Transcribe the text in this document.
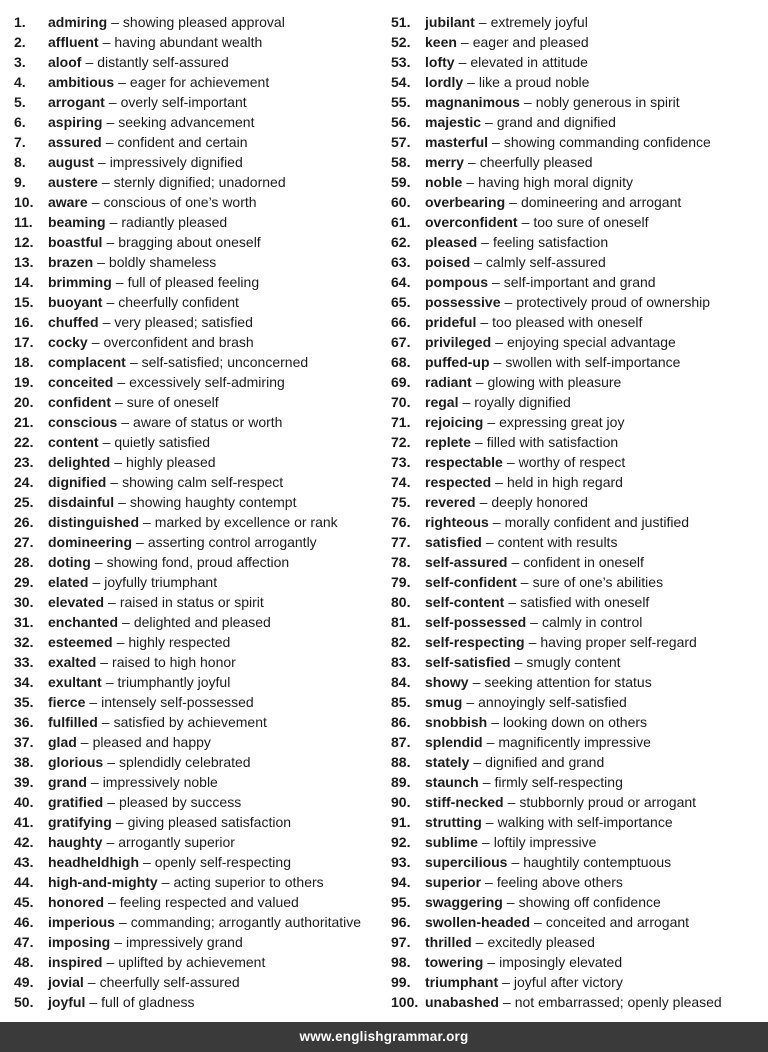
1. admiring – showing pleased approval
2. affluent – having abundant wealth
3. aloof – distantly self-assured
4. ambitious – eager for achievement
5. arrogant – overly self-important
6. aspiring – seeking advancement
7. assured – confident and certain
8. august – impressively dignified
9. austere – sternly dignified; unadorned
10. aware – conscious of one’s worth
11. beaming – radiantly pleased
12. boastful – bragging about oneself
13. brazen – boldly shameless
14. brimming – full of pleased feeling
15. buoyant – cheerfully confident
16. chuffed – very pleased; satisfied
17. cocky – overconfident and brash
18. complacent – self-satisfied; unconcerned
19. conceited – excessively self-admiring
20. confident – sure of oneself
21. conscious – aware of status or worth
22. content – quietly satisfied
23. delighted – highly pleased
24. dignified – showing calm self-respect
25. disdainful – showing haughty contempt
26. distinguished – marked by excellence or rank
27. domineering – asserting control arrogantly
28. doting – showing fond, proud affection
29. elated – joyfully triumphant
30. elevated – raised in status or spirit
31. enchanted – delighted and pleased
32. esteemed – highly respected
33. exalted – raised to high honor
34. exultant – triumphantly joyful
35. fierce – intensely self-possessed
36. fulfilled – satisfied by achievement
37. glad – pleased and happy
38. glorious – splendidly celebrated
39. grand – impressively noble
40. gratified – pleased by success
41. gratifying – giving pleased satisfaction
42. haughty – arrogantly superior
43. headheldhigh – openly self-respecting
44. high-and-mighty – acting superior to others
45. honored – feeling respected and valued
46. imperious – commanding; arrogantly authoritative
47. imposing – impressively grand
48. inspired – uplifted by achievement
49. jovial – cheerfully self-assured
50. joyful – full of gladness
51. jubilant – extremely joyful
52. keen – eager and pleased
53. lofty – elevated in attitude
54. lordly – like a proud noble
55. magnanimous – nobly generous in spirit
56. majestic – grand and dignified
57. masterful – showing commanding confidence
58. merry – cheerfully pleased
59. noble – having high moral dignity
60. overbearing – domineering and arrogant
61. overconfident – too sure of oneself
62. pleased – feeling satisfaction
63. poised – calmly self-assured
64. pompous – self-important and grand
65. possessive – protectively proud of ownership
66. prideful – too pleased with oneself
67. privileged – enjoying special advantage
68. puffed-up – swollen with self-importance
69. radiant – glowing with pleasure
70. regal – royally dignified
71. rejoicing – expressing great joy
72. replete – filled with satisfaction
73. respectable – worthy of respect
74. respected – held in high regard
75. revered – deeply honored
76. righteous – morally confident and justified
77. satisfied – content with results
78. self-assured – confident in oneself
79. self-confident – sure of one’s abilities
80. self-content – satisfied with oneself
81. self-possessed – calmly in control
82. self-respecting – having proper self-regard
83. self-satisfied – smugly content
84. showy – seeking attention for status
85. smug – annoyingly self-satisfied
86. snobbish – looking down on others
87. splendid – magnificently impressive
88. stately – dignified and grand
89. staunch – firmly self-respecting
90. stiff-necked – stubbornly proud or arrogant
91. strutting – walking with self-importance
92. sublime – loftily impressive
93. supercilious – haughtily contemptuous
94. superior – feeling above others
95. swaggering – showing off confidence
96. swollen-headed – conceited and arrogant
97. thrilled – excitedly pleased
98. towering – imposingly elevated
99. triumphant – joyful after victory
100. unabashed – not embarrassed; openly pleased
www.englishgrammar.org
